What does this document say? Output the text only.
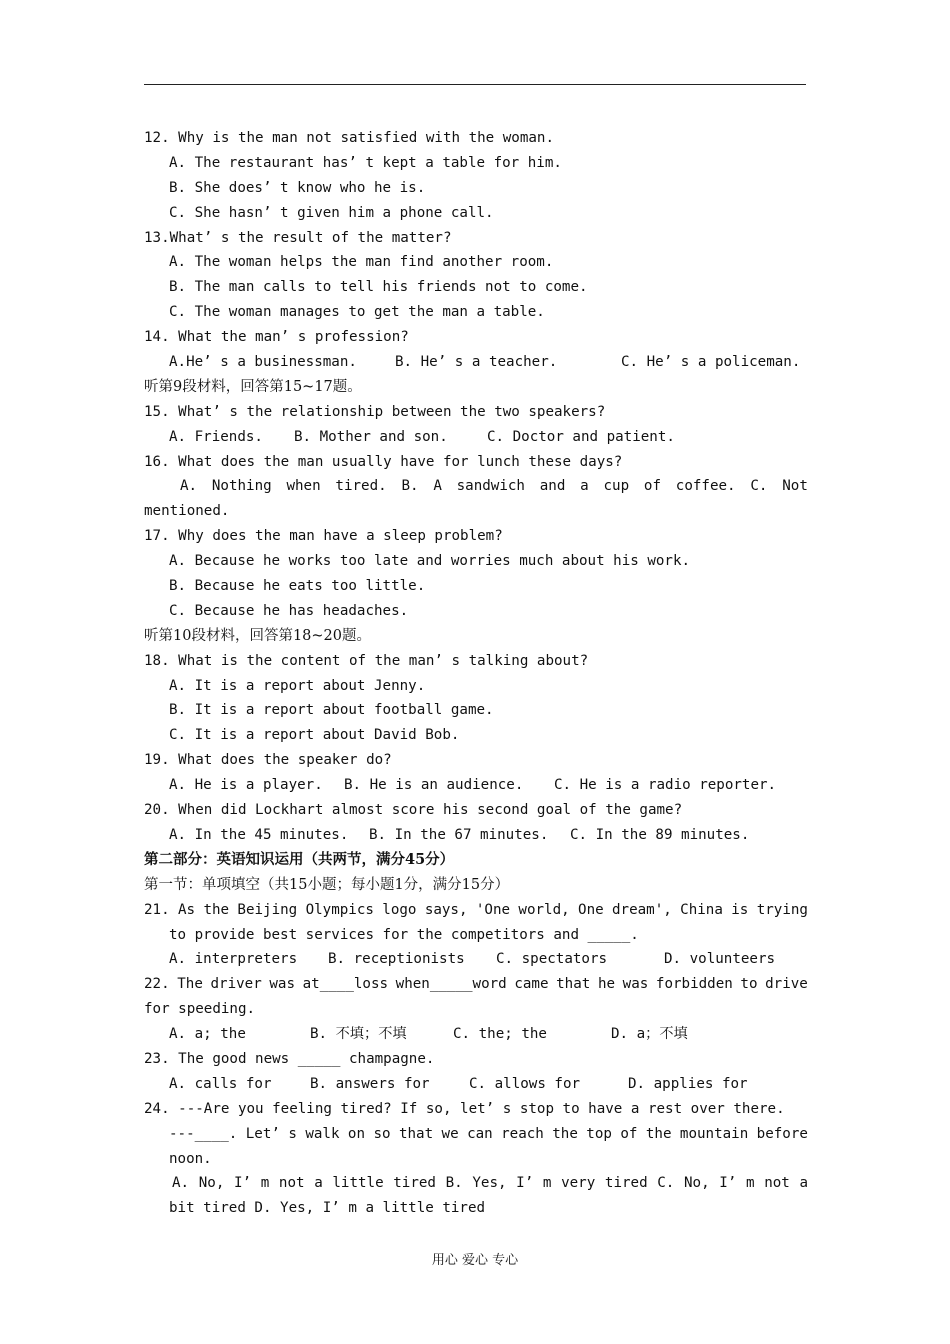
12. Why is the man not satisfied with the woman.
A. The restaurant has’ t kept a table for him.
B. She does’ t know who he is.
C. She hasn’ t given him a phone call.
13.What’ s the result of the matter?
A. The woman helps the man find another room.
B. The man calls to tell his friends not to come.
C. The woman manages to get the man a table.
14. What the man’ s profession?
A.He’ s a businessman.	B. He’ s a teacher.	C. He’ s a policeman.
听第9段材料，回答第15~17题。
15. What’ s the relationship between the two speakers?
A. Friends.	B. Mother and son.	C. Doctor and patient.
16. What does the man usually have for lunch these days?
A. Nothing when tired. B. A sandwich and a cup of coffee. C. Not
mentioned.
17. Why does the man have a sleep problem?
A. Because he works too late and worries much about his work.
B. Because he eats too little.
C. Because he has headaches.
听第10段材料，回答第18~20题。
18. What is the content of the man’ s talking about?
A. It is a report about Jenny.
B. It is a report about football game.
C. It is a report about David Bob.
19. What does the speaker do?
A. He is a player.	B. He is an audience.	C. He is a radio reporter.
20. When did Lockhart almost score his second goal of the game?
A. In the 45 minutes.	B. In the 67 minutes.	C. In the 89 minutes.
第二部分：英语知识运用（共两节，满分45分）
第一节：单项填空（共15小题；每小题1分，满分15分）
21. As the Beijing Olympics logo says, 'One world, One dream', China is trying
to provide best services for the competitors and _____.
A. interpreters	B. receptionists	C. spectators	D. volunteers
22. The driver was at____loss when_____word came that he was forbidden to drive
for speeding.
A. a; the	B. 不填；不填	C. the; the	D. a；不填
23. The good news _____ champagne.
A. calls for	B. answers for	C. allows for	D. applies for
24. ---Are you feeling tired? If so, let’ s stop to have a rest over there.
---____. Let’ s walk on so that we can reach the top of the mountain before
noon.
A. No, I’ m not a little tired B. Yes, I’ m very tired C. No, I’ m not a
bit tired D. Yes, I’ m a little tired
用心 爱心 专心
